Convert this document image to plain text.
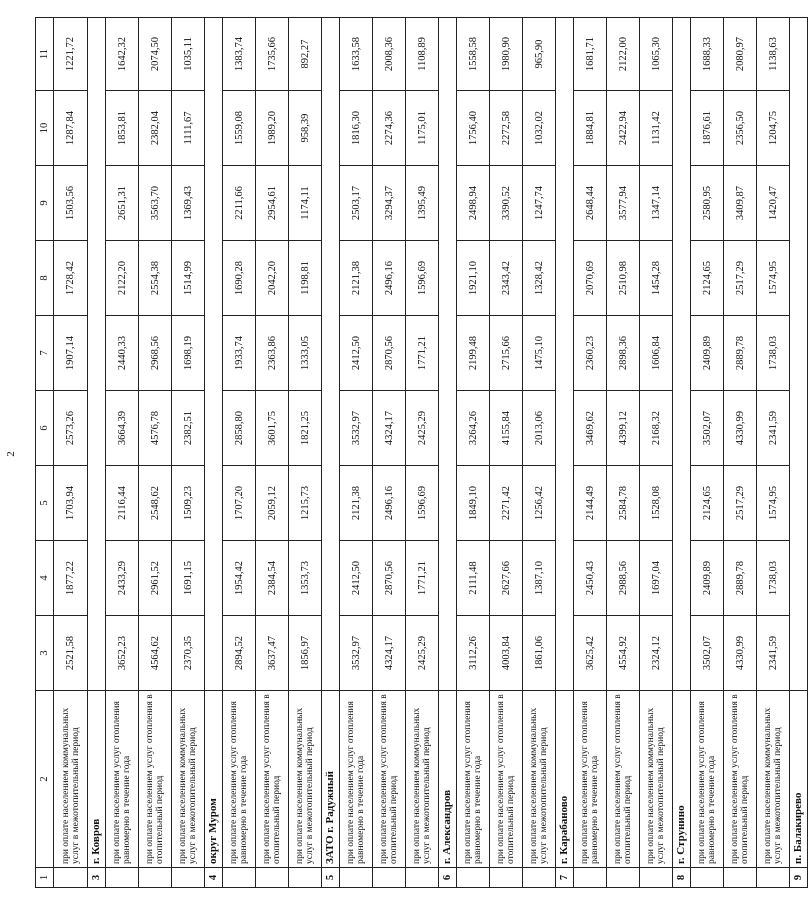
2
1	2	3	4	5	6	7	8	9	10	11
	при оплате населением коммунальных услуг в межотопительный период	2521,58	1877,22	1703,94	2573,26	1907,14	1728,42	1503,56	1287,84	1221,72
3	г. Ковров									
	при оплате населением услуг отопления равномерно в течение года	3652,23	2433,29	2116,44	3664,39	2440,33	2122,20	2651,31	1853,81	1642,32
	при оплате населением услуг отопления в отопительный период	4564,62	2961,52	2548,62	4576,78	2968,56	2554,38	3563,70	2382,04	2074,50
	при оплате населением коммунальных услуг в межотопительный период	2370,35	1691,15	1509,23	2382,51	1698,19	1514,99	1369,43	1111,67	1035,11
4	округ Муром									
	при оплате населением услуг отопления равномерно в течение года	2894,52	1954,42	1707,20	2858,80	1933,74	1690,28	2211,66	1559,08	1383,74
	при оплате населением услуг отопления в отопительный период	3637,47	2384,54	2059,12	3601,75	2363,86	2042,20	2954,61	1989,20	1735,66
	при оплате населением коммунальных услуг в межотопительный период	1856,97	1353,73	1215,73	1821,25	1333,05	1198,81	1174,11	958,39	892,27
5	ЗАТО г. Радужный									
	при оплате населением услуг отопления равномерно в течение года	3532,97	2412,50	2121,38	3532,97	2412,50	2121,38	2503,17	1816,30	1633,58
	при оплате населением услуг отопления в отопительный период	4324,17	2870,56	2496,16	4324,17	2870,56	2496,16	3294,37	2274,36	2008,36
	при оплате населением коммунальных услуг в межотопительный период	2425,29	1771,21	1596,69	2425,29	1771,21	1596,69	1395,49	1175,01	1108,89
6	г. Александров									
	при оплате населением услуг отопления равномерно в течение года	3112,26	2111,48	1849,10	3264,26	2199,48	1921,10	2498,94	1756,40	1558,58
	при оплате населением услуг отопления в отопительный период	4003,84	2627,66	2271,42	4155,84	2715,66	2343,42	3390,52	2272,58	1980,90
	при оплате населением коммунальных услуг в межотопительный период	1861,06	1387,10	1256,42	2013,06	1475,10	1328,42	1247,74	1032,02	965,90
7	г. Карабаново									
	при оплате населением услуг отопления равномерно в течение года	3625,42	2450,43	2144,49	3469,62	2360,23	2070,69	2648,44	1884,81	1681,71
	при оплате населением услуг отопления в отопительный период	4554,92	2988,56	2584,78	4399,12	2898,36	2510,98	3577,94	2422,94	2122,00
	при оплате населением коммунальных услуг в межотопительный период	2324,12	1697,04	1528,08	2168,32	1606,84	1454,28	1347,14	1131,42	1065,30
8	г. Струнино									
	при оплате населением услуг отопления равномерно в течение года	3502,07	2409,89	2124,65	3502,07	2409,89	2124,65	2580,95	1876,61	1688,33
	при оплате населением услуг отопления в отопительный период	4330,99	2889,78	2517,29	4330,99	2889,78	2517,29	3409,87	2356,50	2080,97
	при оплате населением коммунальных услуг в межотопительный период	2341,59	1738,03	1574,95	2341,59	1738,03	1574,95	1420,47	1204,75	1138,63
9	п. Балакирево									
